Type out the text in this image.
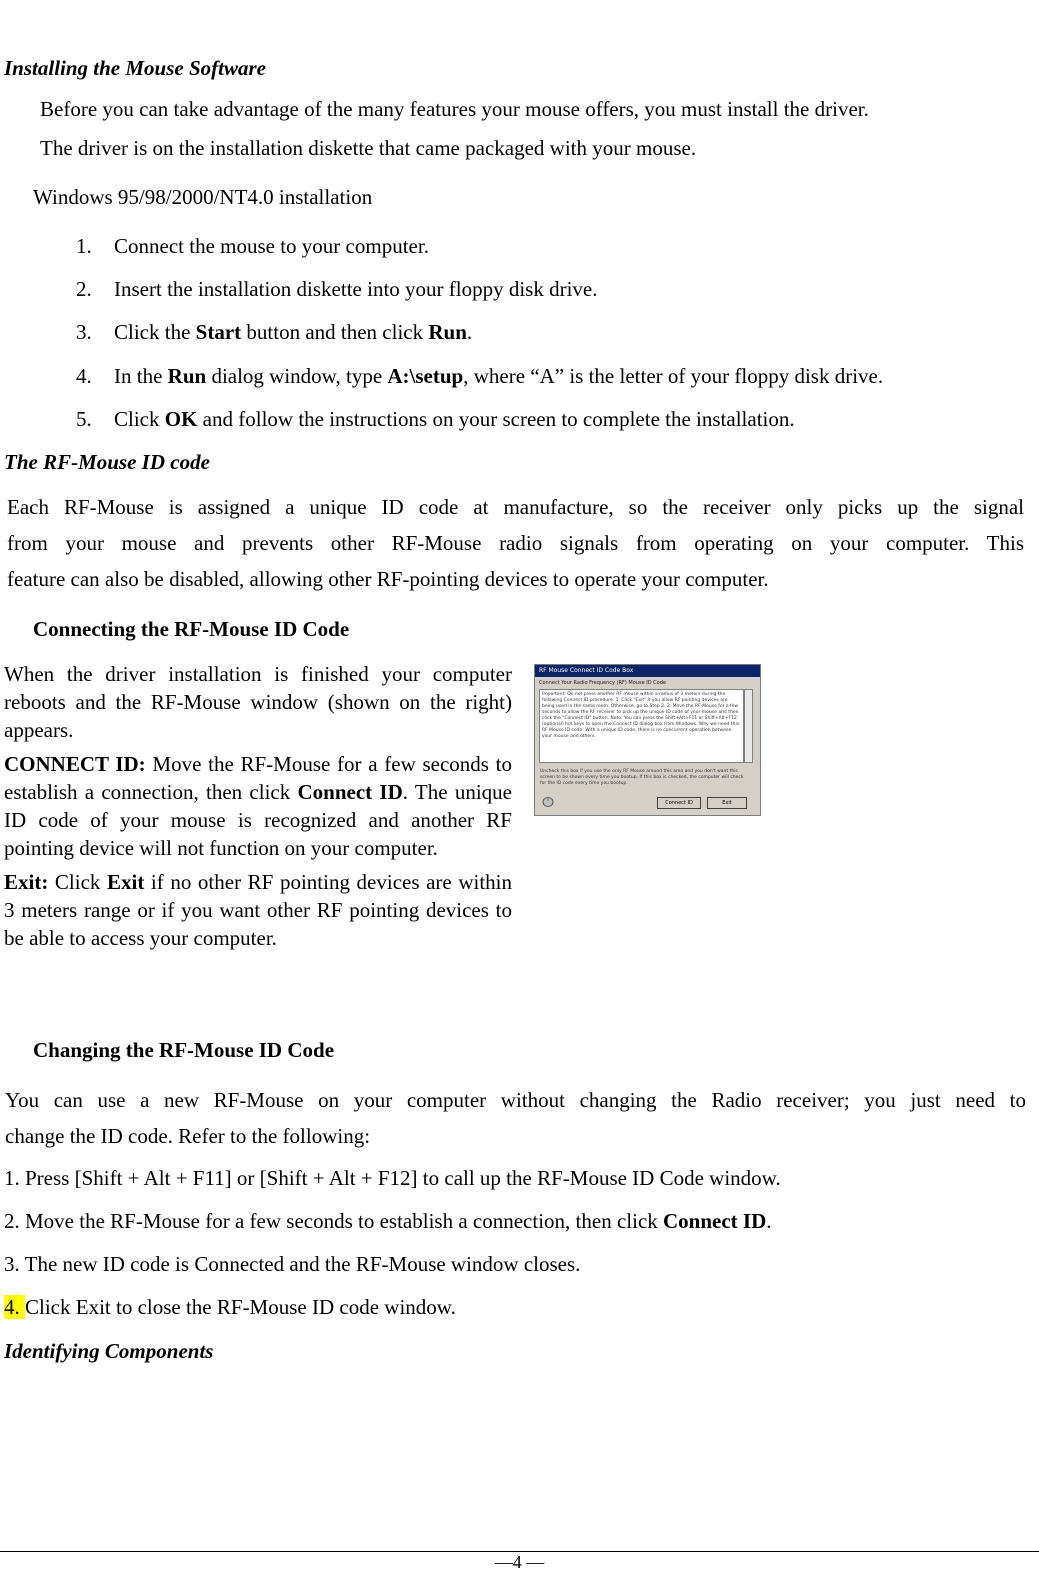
Installing the Mouse Software
Before you can take advantage of the many features your mouse offers, you must install the driver.
The driver is on the installation diskette that came packaged with your mouse.
Windows 95/98/2000/NT4.0 installation
1. Connect the mouse to your computer.
2. Insert the installation diskette into your floppy disk drive.
3. Click the Start button and then click Run.
4. In the Run dialog window, type A:\setup, where “A” is the letter of your floppy disk drive.
5. Click OK and follow the instructions on your screen to complete the installation.
The RF-Mouse ID code
Each RF-Mouse is assigned a unique ID code at manufacture, so the receiver only picks up the signal
from your mouse and prevents other RF-Mouse radio signals from operating on your computer. This
feature can also be disabled, allowing other RF-pointing devices to operate your computer.
Connecting the RF-Mouse ID Code

When the driver installation is finished your computer reboots and the RF-Mouse window (shown on the right) appears.

CONNECT ID: Move the RF-Mouse for a few seconds to establish a connection, then click Connect ID. The unique ID code of your mouse is recognized and another RF pointing device will not function on your computer.

Exit: Click Exit if no other RF pointing devices are within 3 meters range or if you want other RF pointing devices to be able to access your computer.

RF Mouse Connect ID Code Box
Connect Your Radio Frequency (RF) Mouse ID Code
Important: Do not press another RF mouse within a radius of 3 meters during the following Connect ID procedure. 1. Click "Exit" if you allow RF pointing devices are being used in the same room. Otherwise, go to Step 2. 2. Move the RF-Mouse for a few seconds to allow the RF receiver to pick up the unique ID code of your mouse and then click the "Connect ID" button. Note: You can press the Shift+Alt+F11 or Shift+Alt+F12 (optional) hot keys to open the Connect ID dialog box from Windows. Why we need this RF Mouse ID code: With a unique ID code, there is no concurrent operation between your mouse and others.
Uncheck this box if you use the only RF Mouse around this area and you don't want this screen to be shown every time you bootup. If this box is checked, the computer will check for the ID code every time you bootup.
Connect ID	Exit
Changing the RF-Mouse ID Code
You can use a new RF-Mouse on your computer without changing the Radio receiver; you just need to
change the ID code. Refer to the following:
1. Press [Shift + Alt + F11] or [Shift + Alt + F12] to call up the RF-Mouse ID Code window.
2. Move the RF-Mouse for a few seconds to establish a connection, then click Connect ID.
3. The new ID code is Connected and the RF-Mouse window closes.
4. Click Exit to close the RF-Mouse ID code window.
Identifying Components
—4 —
